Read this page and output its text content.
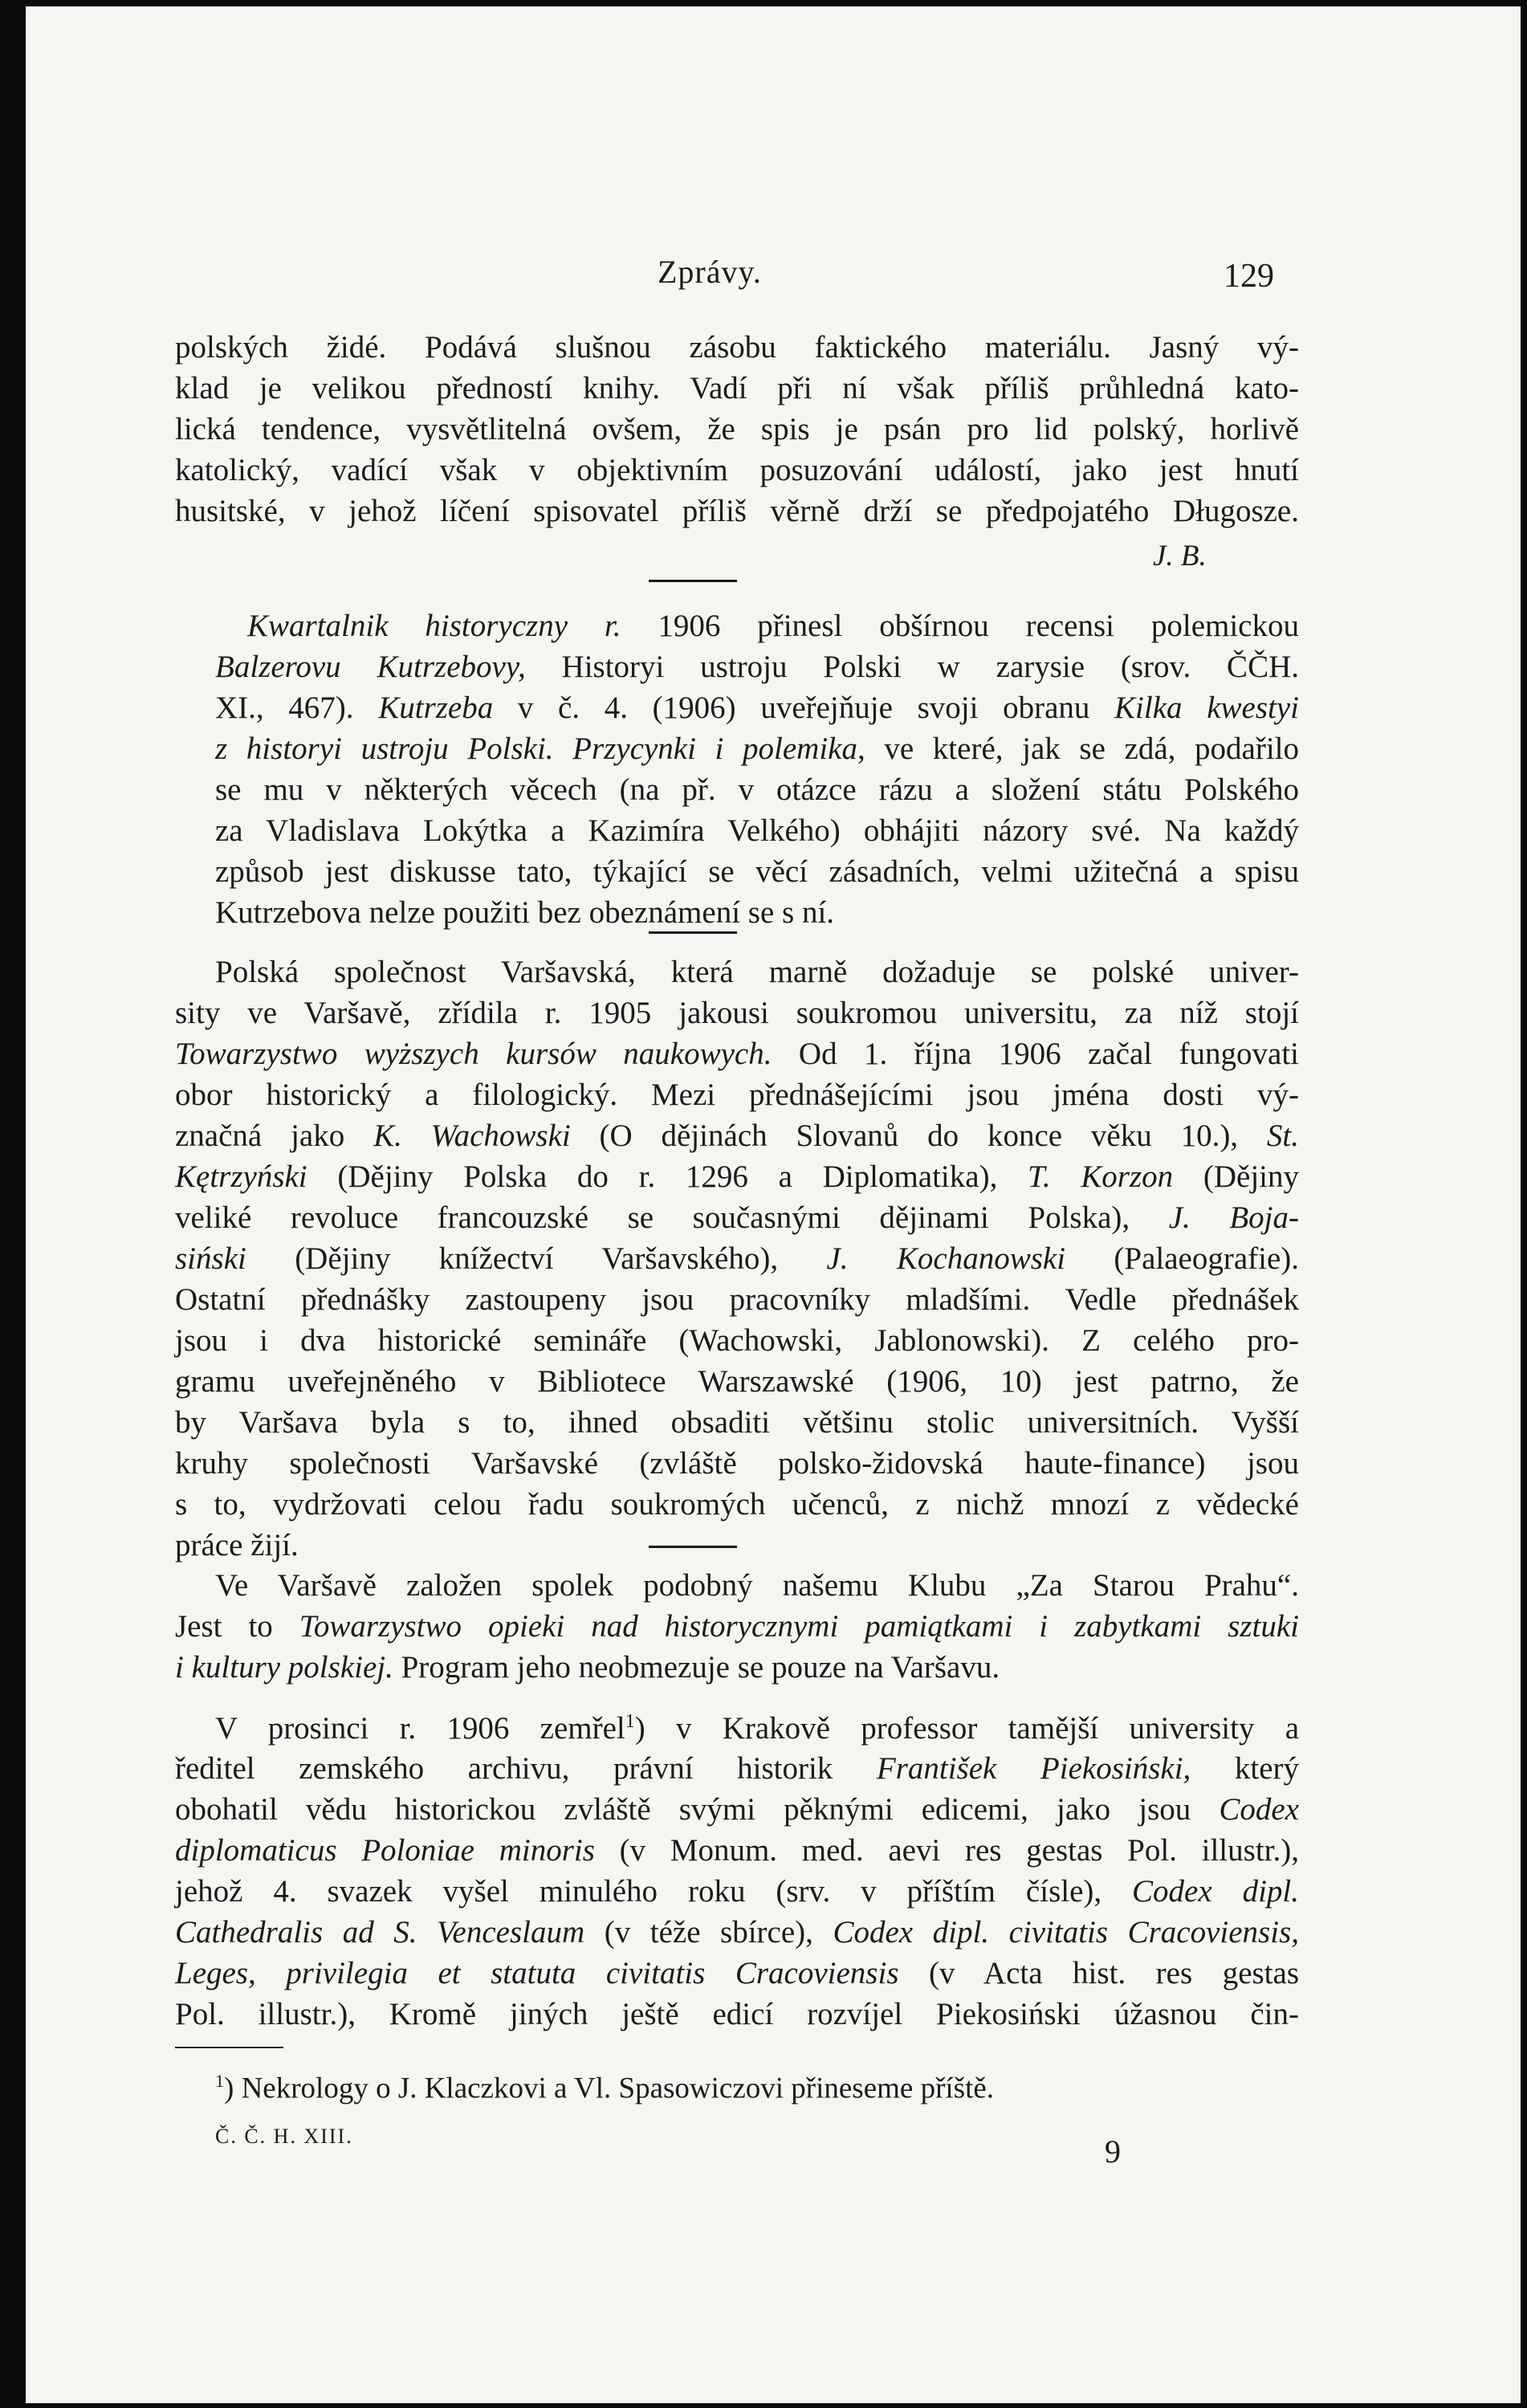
Zprávy.	129
polských židé. Podává slušnou zásobu faktického materiálu. Jasný vý-
klad je velikou předností knihy. Vadí při ní však příliš průhledná kato-
lická tendence, vysvětlitelná ovšem, že spis je psán pro lid polský, horlivě
katolický, vadící však v objektivním posuzování událostí, jako jest hnutí
husitské, v jehož líčení spisovatel příliš věrně drží se předpojatého Długosze.
J. B.
Kwartalnik historyczny r. 1906 přinesl obšírnou recensi polemickou
Balzerovu Kutrzebovy, Historyi ustroju Polski w zarysie (srov. ČČH.
XI., 467). Kutrzeba v č. 4. (1906) uveřejňuje svoji obranu Kilka kwestyi
z historyi ustroju Polski. Przycynki i polemika, ve které, jak se zdá, podařilo
se mu v některých věcech (na př. v otázce rázu a složení státu Polského
za Vladislava Lokýtka a Kazimíra Velkého) obhájiti názory své. Na každý
způsob jest diskusse tato, týkající se věcí zásadních, velmi užitečná a spisu
Kutrzebova nelze použiti bez obeznámení se s ní.
Polská společnost Varšavská, která marně dožaduje se polské univer-
sity ve Varšavě, zřídila r. 1905 jakousi soukromou universitu, za níž stojí
Towarzystwo wyższych kursów naukowych. Od 1. října 1906 začal fungovati
obor historický a filologický. Mezi přednášejícími jsou jména dosti vý-
značná jako K. Wachowski (O dějinách Slovanů do konce věku 10.), St.
Kętrzyński (Dějiny Polska do r. 1296 a Diplomatika), T. Korzon (Dějiny
veliké revoluce francouzské se současnými dějinami Polska), J. Boja-
siński (Dějiny knížectví Varšavského), J. Kochanowski (Palaeografie).
Ostatní přednášky zastoupeny jsou pracovníky mladšími. Vedle přednášek
jsou i dva historické semináře (Wachowski, Jablonowski). Z celého pro-
gramu uveřejněného v Bibliotece Warszawské (1906, 10) jest patrno, že
by Varšava byla s to, ihned obsaditi většinu stolic universitních. Vyšší
kruhy společnosti Varšavské (zvláště polsko-židovská haute-finance) jsou
s to, vydržovati celou řadu soukromých učenců, z nichž mnozí z vědecké
práce žijí.
Ve Varšavě založen spolek podobný našemu Klubu „Za Starou Prahu“.
Jest to Towarzystwo opieki nad historycznymi pamiątkami i zabytkami sztuki
i kultury polskiej. Program jeho neobmezuje se pouze na Varšavu.
V prosinci r. 1906 zemřel$^1$) v Krakově professor tamější university a
ředitel zemského archivu, právní historik František Piekosiński, který
obohatil vědu historickou zvláště svými pěknými edicemi, jako jsou Codex
diplomaticus Poloniae minoris (v Monum. med. aevi res gestas Pol. illustr.),
jehož 4. svazek vyšel minulého roku (srv. v příštím čísle), Codex dipl.
Cathedralis ad S. Venceslaum (v téže sbírce), Codex dipl. civitatis Cracoviensis,
Leges, privilegia et statuta civitatis Cracoviensis (v Acta hist. res gestas
Pol. illustr.), Kromě jiných ještě edicí rozvíjel Piekosiński úžasnou čin-
$^1$) Nekrology o J. Klaczkovi a Vl. Spasowiczovi přineseme příště.
Č. Č. H. XIII.	9
